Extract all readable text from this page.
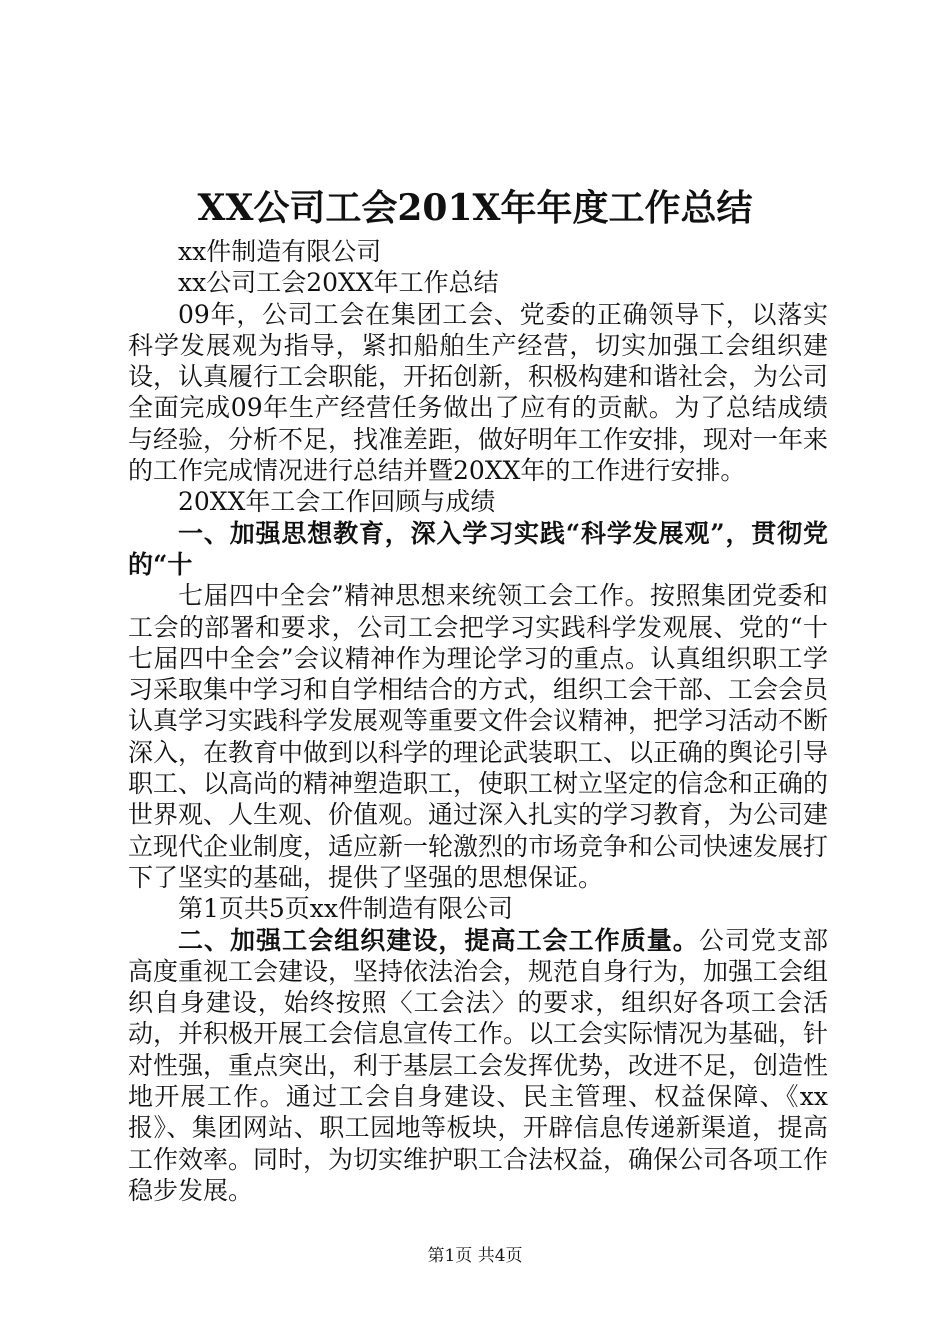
XX公司工会201X年年度工作总结

xx件制造有限公司

xx公司工会20XX年工作总结

09年，公司工会在集团工会、党委的正确领导下，以落实科学发展观为指导，紧扣船舶生产经营，切实加强工会组织建设，认真履行工会职能，开拓创新，积极构建和谐社会，为公司全面完成09年生产经营任务做出了应有的贡献。为了总结成绩与经验，分析不足，找准差距，做好明年工作安排，现对一年来的工作完成情况进行总结并暨20XX年的工作进行安排。

20XX年工会工作回顾与成绩

一、加强思想教育，深入学习实践“科学发展观”，贯彻党的“十

七届四中全会”精神思想来统领工会工作。按照集团党委和工会的部署和要求，公司工会把学习实践科学发观展、党的“十七届四中全会”会议精神作为理论学习的重点。认真组织职工学习采取集中学习和自学相结合的方式，组织工会干部、工会会员认真学习实践科学发展观等重要文件会议精神，把学习活动不断深入，在教育中做到以科学的理论武装职工、以正确的舆论引导职工、以高尚的精神塑造职工，使职工树立坚定的信念和正确的世界观、人生观、价值观。通过深入扎实的学习教育，为公司建立现代企业制度，适应新一轮激烈的市场竞争和公司快速发展打下了坚实的基础，提供了坚强的思想保证。

第1页共5页xx件制造有限公司

二、加强工会组织建设，提高工会工作质量。公司党支部高度重视工会建设，坚持依法治会，规范自身行为，加强工会组织自身建设，始终按照〈工会法〉的要求，组织好各项工会活动，并积极开展工会信息宣传工作。以工会实际情况为基础，针对性强，重点突出，利于基层工会发挥优势，改进不足，创造性地开展工作。通过工会自身建设、民主管理、权益保障、《xx报》、集团网站、职工园地等板块，开辟信息传递新渠道，提高工作效率。同时，为切实维护职工合法权益，确保公司各项工作稳步发展。

第1页 共4页
